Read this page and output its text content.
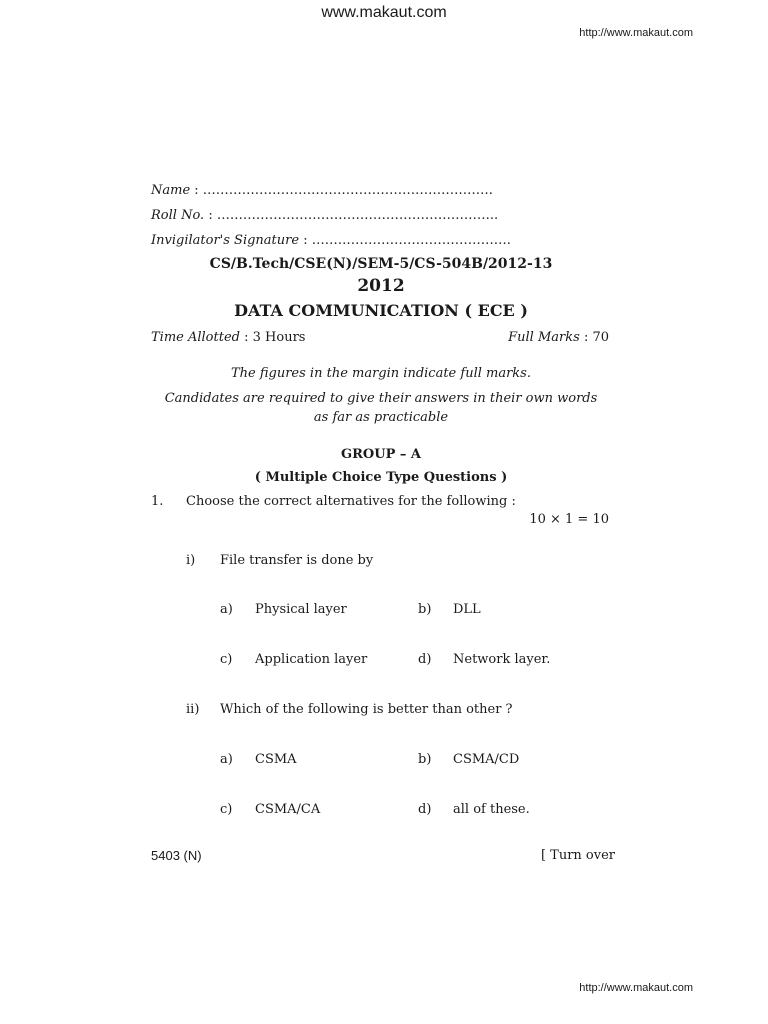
www.makaut.com
http://www.makaut.com
Name : ………………………………………………………….
Roll No. : ………………………………………………………..
Invigilator's Signature : ……………………………………….
CS/B.Tech/CSE(N)/SEM-5/CS-504B/2012-13
2012
DATA COMMUNICATION ( ECE )
Time Allotted : 3 Hours	Full Marks : 70
The figures in the margin indicate full marks.
Candidates are required to give their answers in their own words
as far as practicable
GROUP – A
( Multiple Choice Type Questions )
1. Choose the correct alternatives for the following :
10 × 1 = 10
i) File transfer is done by
a) Physical layer	b) DLL
c) Application layer	d) Network layer.
ii) Which of the following is better than other ?
a) CSMA	b) CSMA/CD
c) CSMA/CA	d) all of these.
5403 (N)	[ Turn over
http://www.makaut.com
